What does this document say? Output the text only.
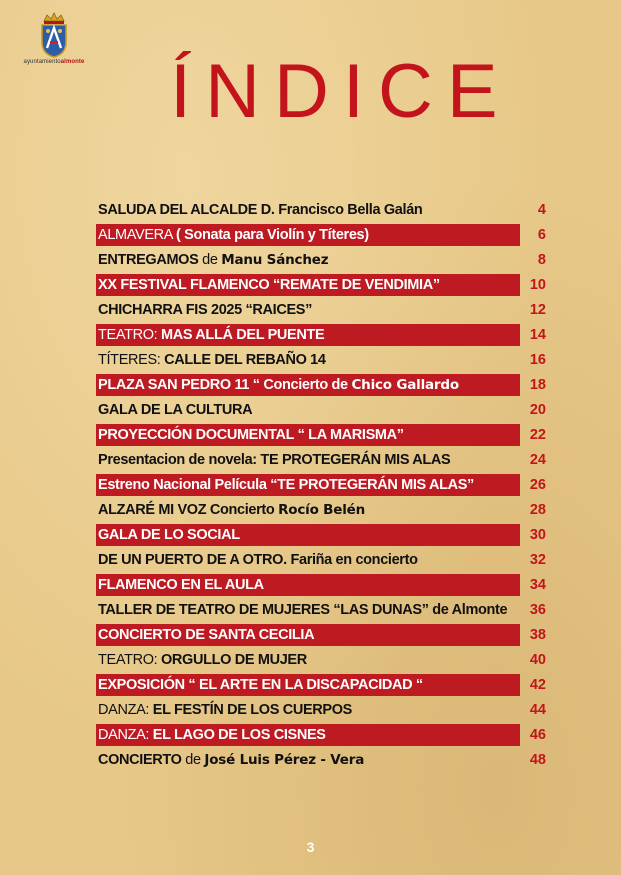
ayuntamientoalmonte ÍNDICE
SALUDA DEL ALCALDE D. Francisco Bella Galán	4
ALMAVERA ( Sonata para Violín y Títeres)	6
ENTREGAMOS de Manu Sánchez	8
XX FESTIVAL FLAMENCO “REMATE DE VENDIMIA”	10
CHICHARRA FIS 2025 “RAICES”	12
TEATRO: MAS ALLÁ DEL PUENTE	14
TÍTERES: CALLE DEL REBAÑO 14	16
PLAZA SAN PEDRO 11 “ Concierto de Chico Gallardo	18
GALA DE LA CULTURA	20
PROYECCIÓN DOCUMENTAL “ LA MARISMA”	22
Presentacion de novela: TE PROTEGERÁN MIS ALAS	24
Estreno Nacional Película “TE PROTEGERÁN MIS ALAS”	26
ALZARÉ MI VOZ Concierto Rocío Belén	28
GALA DE LO SOCIAL	30
DE UN PUERTO DE A OTRO. Fariña en concierto	32
FLAMENCO EN EL AULA	34
TALLER DE TEATRO DE MUJERES “LAS DUNAS” de Almonte 36
CONCIERTO DE SANTA CECILIA	38
TEATRO: ORGULLO DE MUJER	40
EXPOSICIÓN “ EL ARTE EN LA DISCAPACIDAD “	42
DANZA: EL FESTÍN DE LOS CUERPOS	44
DANZA: EL LAGO DE LOS CISNES	46
CONCIERTO de José Luis Pérez - Vera	48
3
